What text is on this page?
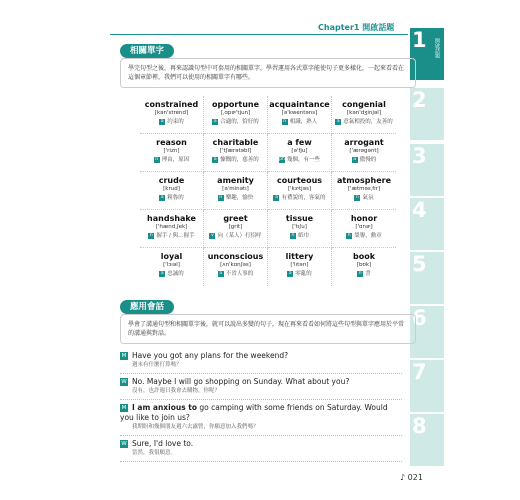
Chapter1 開啟話題
1	開啟話題
2
3
4
5
6
7
8
相關單字
學完句型之後，再來認識句型中可套用的相關單字，學習運用各式單字能使句子更多樣化，一起來看看在這個章節裡，我們可以使用的相關單字有哪些。
constrained
[kən'strend]
a 約束的
opportune
[ˌɑpɚ'tjun]
a 合適的，恰好的
acquaintance
[ə'kwentəns]
n 相識，熟人
congenial
[kən'dʒinjəl]
a 意氣相投的，友善的
reason
['rizn]
n 理由，原因
charitable
['tʃærətəbl]
a 慷慨的，慈善的
a few
[ə'fju]
ph 幾個，有一些
arrogant
['ærəgənt]
a 傲慢的
crude
[krud]
a 粗魯的
amenity
[ə'minətı]
n 樂趣，愉快
courteous
['kɝtjəs]
a 有禮貌的，客氣的
atmosphere
['ætməsˌfır]
n 氣氛
handshake
['hændˌʃek]
n 握手 / 與…握手
greet
[grit]
v 向（某人）打招呼
tissue
['tıʃu]
n 紙巾
honor
['ɑnɚ]
n 榮譽，勳章
loyal
['lɔıəl]
a 忠誠的
unconscious
[ʌn'kɑnʃəs]
a 不省人事的
littery
['lıtərı]
a 零亂的
book
[bʊk]
n 書
應用會話
學會了溝通句型和相關單字後，就可以說出多變的句子，現在再來看看如何將這些句型與單字應用於平常的溝通與對話。
M Have you got any plans for the weekend?
週末有什麼打算嗎？
W No. Maybe I will go shopping on Sunday. What about you?
沒有，也許週日我會去購物，你呢？
M I am anxious to go camping with some friends on Saturday. Would you like to join us?
我期盼和幾個朋友週六去露營，你願意加入我們嗎？
W Sure, I'd love to.
當然，我很願意。
♪ 021
